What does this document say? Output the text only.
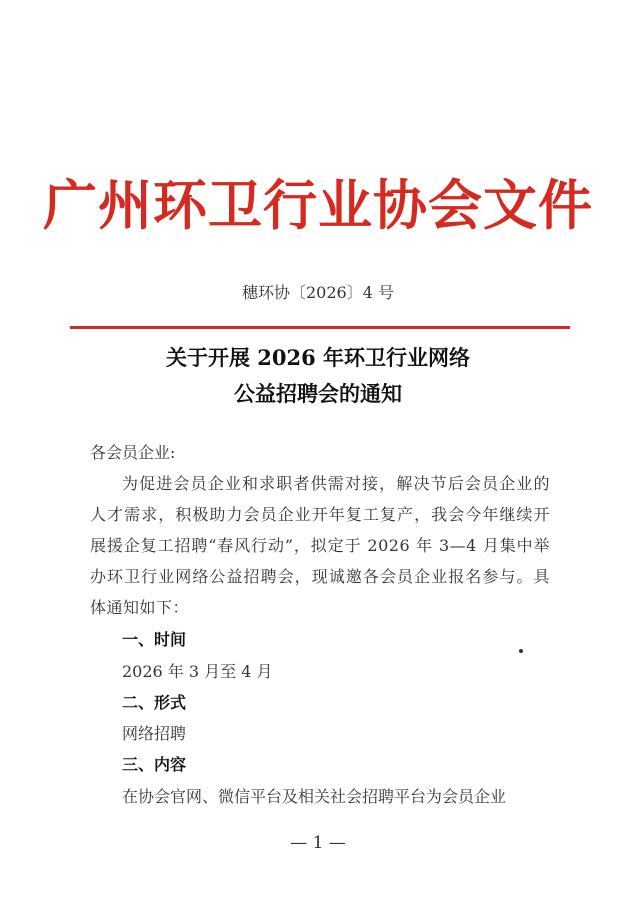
广州环卫行业协会文件
穗环协〔2026〕4 号
关于开展 2026 年环卫行业网络
公益招聘会的通知
各会员企业:
为促进会员企业和求职者供需对接，解决节后会员企业的人才需求，积极助力会员企业开年复工复产，我会今年继续开展援企复工招聘“春风行动”，拟定于 2026 年 3—4 月集中举办环卫行业网络公益招聘会，现诚邀各会员企业报名参与。具体通知如下：
一、时间
2026 年 3 月至 4 月
二、形式
网络招聘
三、内容
在协会官网、微信平台及相关社会招聘平台为会员企业
— 1 —
